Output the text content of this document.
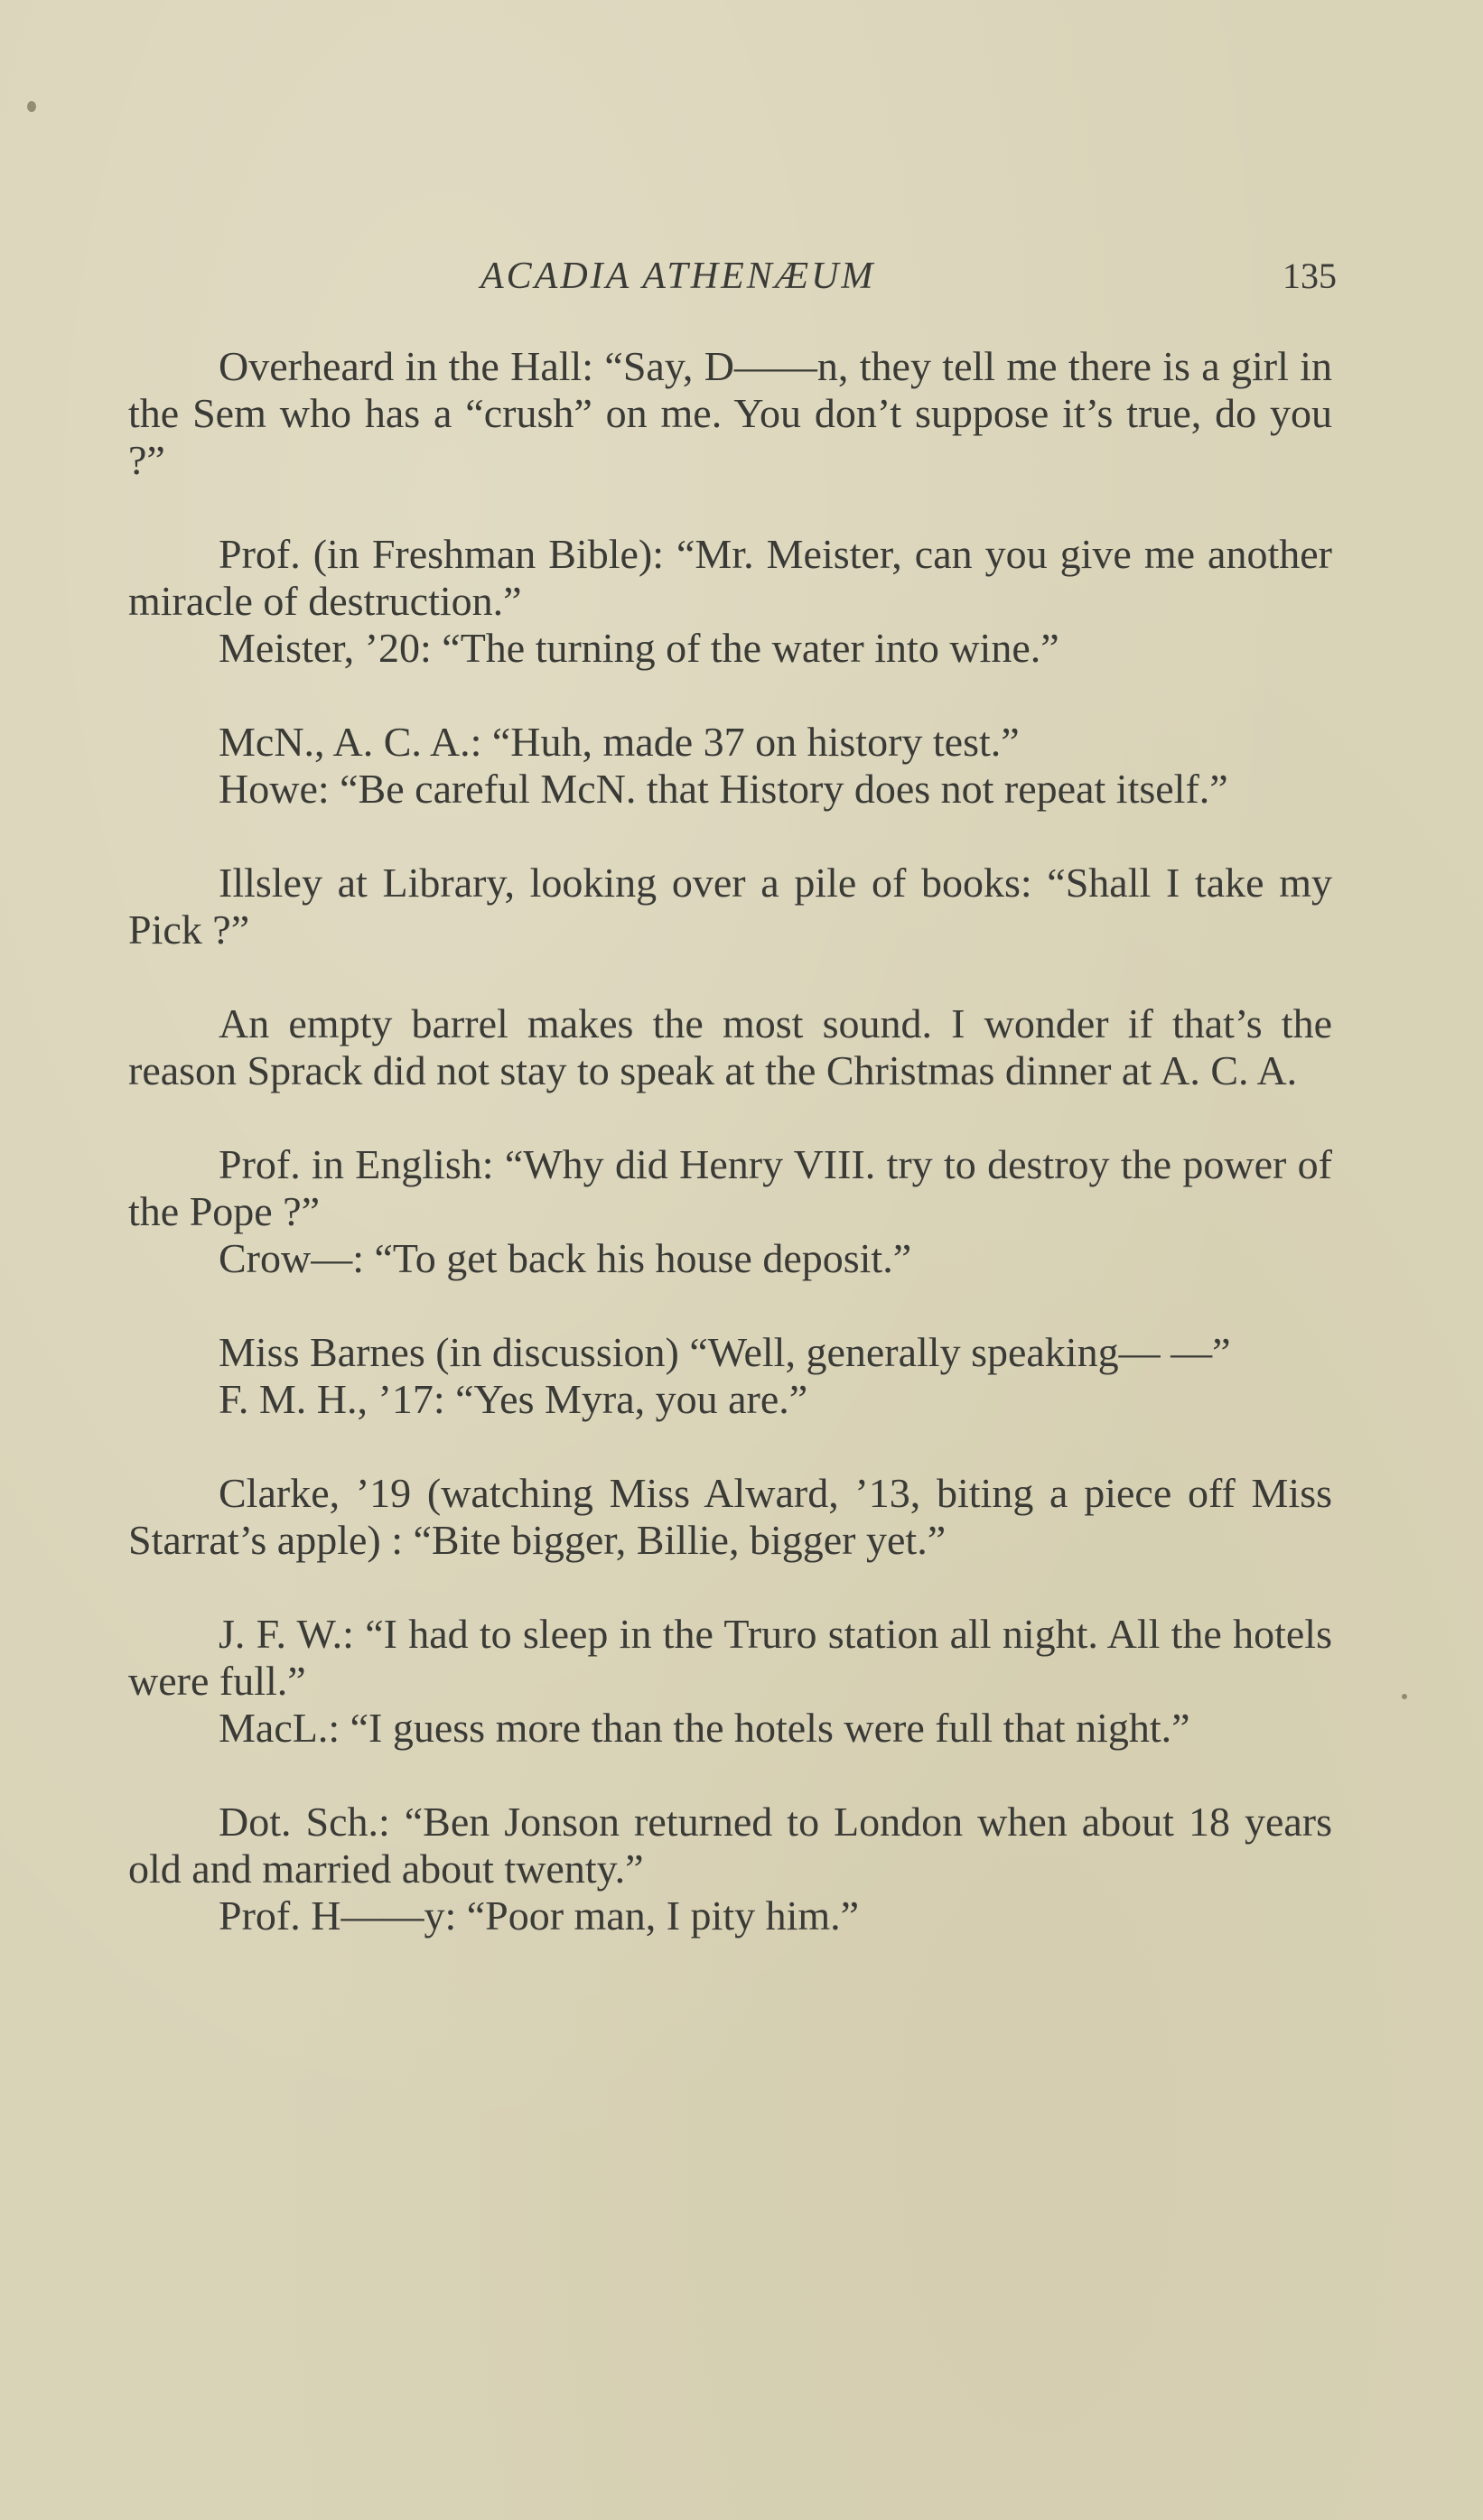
ACADIA ATHENÆUM	135

Overheard in the Hall: “Say, D——n, they tell me there is a girl in the Sem who has a “crush” on me. You don’t suppose it’s true, do you ?”

Prof. (in Freshman Bible): “Mr. Meister, can you give me another miracle of destruction.”

Meister, ’20: “The turning of the water into wine.”

McN., A. C. A.: “Huh, made 37 on history test.”

Howe: “Be careful McN. that History does not repeat itself.”

Illsley at Library, looking over a pile of books: “Shall I take my Pick ?”

An empty barrel makes the most sound. I wonder if that’s the reason Sprack did not stay to speak at the Christmas dinner at A. C. A.

Prof. in English: “Why did Henry VIII. try to destroy the power of the Pope ?”

Crow—: “To get back his house deposit.”

Miss Barnes (in discussion) “Well, generally speaking— —”

F. M. H., ’17: “Yes Myra, you are.”

Clarke, ’19 (watching Miss Alward, ’13, biting a piece off Miss Starrat’s apple) : “Bite bigger, Billie, bigger yet.”

J. F. W.: “I had to sleep in the Truro station all night. All the hotels were full.”

MacL.: “I guess more than the hotels were full that night.”

Dot. Sch.: “Ben Jonson returned to London when about 18 years old and married about twenty.”

Prof. H——y: “Poor man, I pity him.”
